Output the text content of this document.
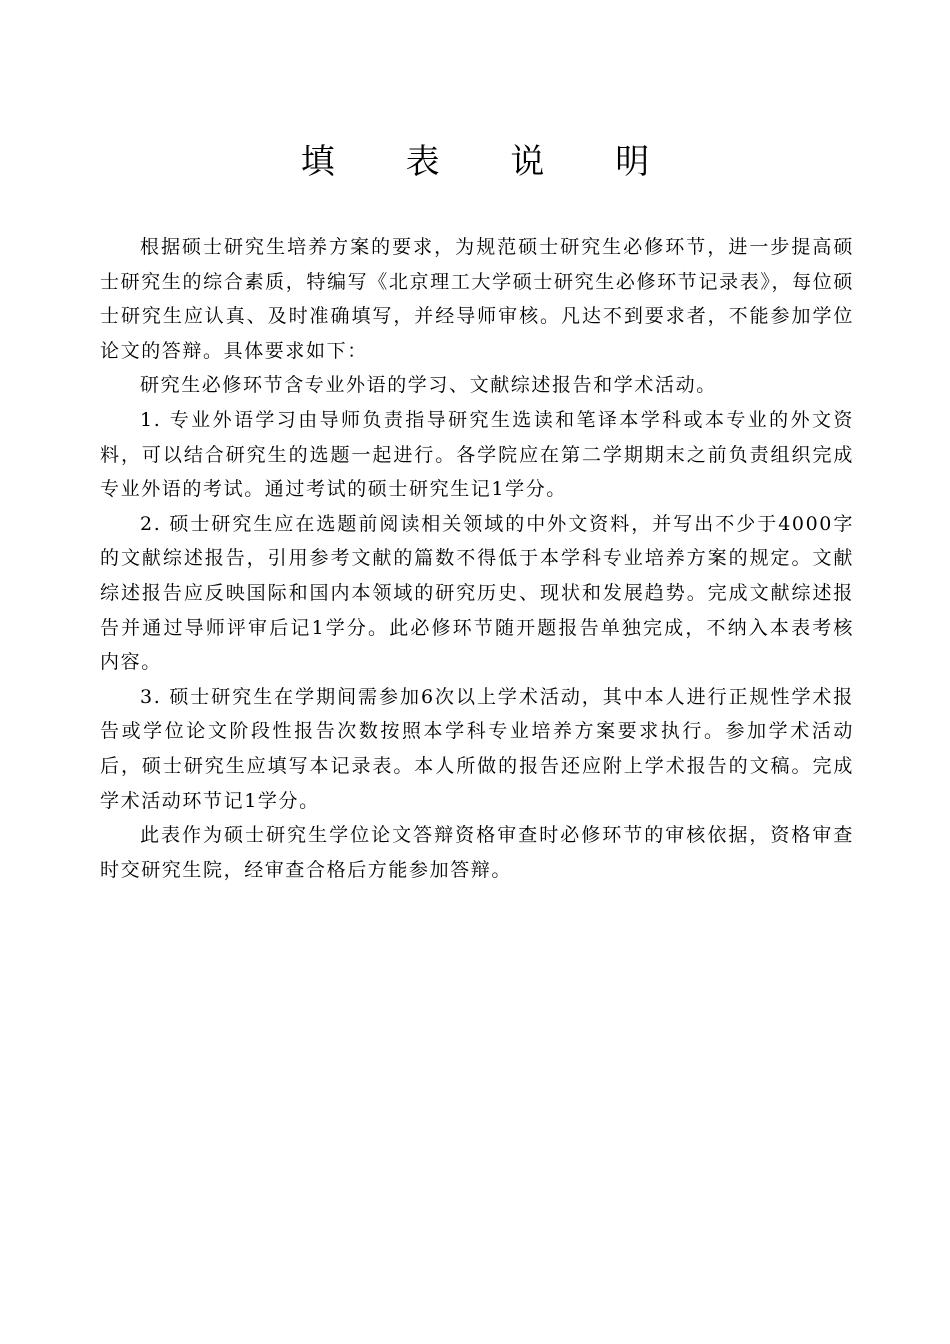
填 表 说 明

根据硕士研究生培养方案的要求，为规范硕士研究生必修环节，进一步提高硕士研究生的综合素质，特编写《北京理工大学硕士研究生必修环节记录表》，每位硕士研究生应认真、及时准确填写，并经导师审核。凡达不到要求者，不能参加学位论文的答辩。具体要求如下：

研究生必修环节含专业外语的学习、文献综述报告和学术活动。

1. 专业外语学习由导师负责指导研究生选读和笔译本学科或本专业的外文资料，可以结合研究生的选题一起进行。各学院应在第二学期期末之前负责组织完成专业外语的考试。通过考试的硕士研究生记1学分。

2. 硕士研究生应在选题前阅读相关领域的中外文资料，并写出不少于4000字的文献综述报告，引用参考文献的篇数不得低于本学科专业培养方案的规定。文献综述报告应反映国际和国内本领域的研究历史、现状和发展趋势。完成文献综述报告并通过导师评审后记1学分。此必修环节随开题报告单独完成，不纳入本表考核内容。

3. 硕士研究生在学期间需参加6次以上学术活动，其中本人进行正规性学术报告或学位论文阶段性报告次数按照本学科专业培养方案要求执行。参加学术活动后，硕士研究生应填写本记录表。本人所做的报告还应附上学术报告的文稿。完成学术活动环节记1学分。

此表作为硕士研究生学位论文答辩资格审查时必修环节的审核依据，资格审查时交研究生院，经审查合格后方能参加答辩。
